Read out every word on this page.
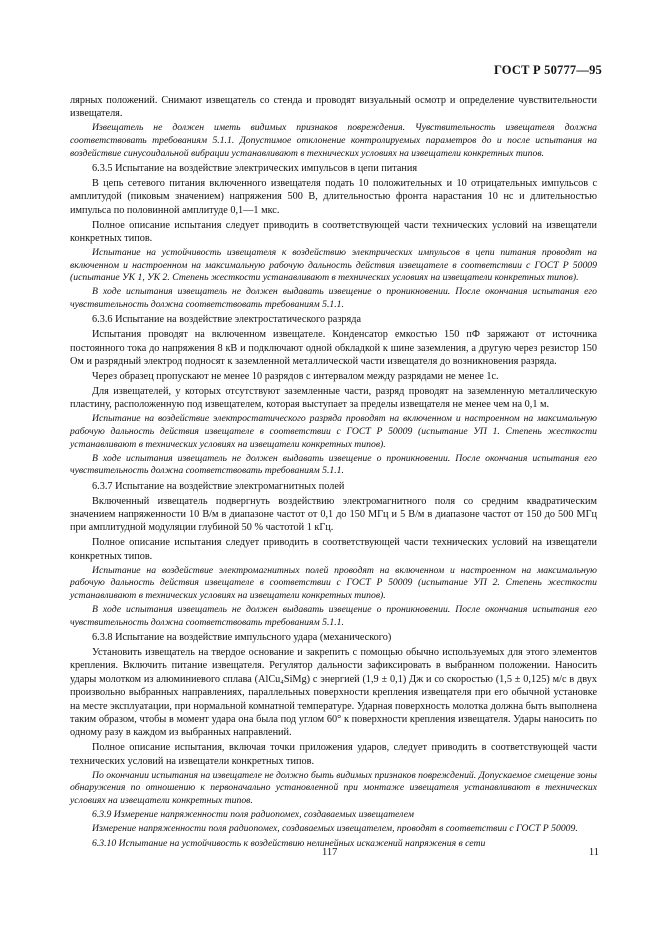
ГОСТ Р 50777—95

лярных положений. Снимают извещатель со стенда и проводят визуальный осмотр и определение чувствительности извещателя.

Извещатель не должен иметь видимых признаков повреждения. Чувствительность извещателя должна соответствовать требованиям 5.1.1. Допустимое отклонение контролируемых параметров до и после испытания на воздействие синусоидальной вибрации устанавливают в технических условиях на извещатели конкретных типов.

6.3.5 Испытание на воздействие электрических импульсов в цепи питания

В цепь сетевого питания включенного извещателя подать 10 положительных и 10 отрицательных импульсов с амплитудой (пиковым значением) напряжения 500 В, длительностью фронта нарастания 10 нс и длительностью импульса по половинной амплитуде 0,1—1 мкс.

Полное описание испытания следует приводить в соответствующей части технических условий на извещатели конкретных типов.

Испытание на устойчивость извещателя к воздействию электрических импульсов в цепи питания проводят на включенном и настроенном на максимальную рабочую дальность действия извещателе в соответствии с ГОСТ Р 50009 (испытание УК 1, УК 2. Степень жесткости устанавливают в технических условиях на извещатели конкретных типов).

В ходе испытания извещатель не должен выдавать извещение о проникновении. После окончания испытания его чувствительность должна соответствовать требованиям 5.1.1.

6.3.6 Испытание на воздействие электростатического разряда

Испытания проводят на включенном извещателе. Конденсатор емкостью 150 пФ заряжают от источника постоянного тока до напряжения 8 кВ и подключают одной обкладкой к шине заземления, а другую через резистор 150 Ом и разрядный электрод подносят к заземленной металлической части извещателя до возникновения разряда.

Через образец пропускают не менее 10 разрядов с интервалом между разрядами не менее 1с.

Для извещателей, у которых отсутствуют заземленные части, разряд проводят на заземленную металлическую пластину, расположенную под извещателем, которая выступает за пределы извещателя не менее чем на 0,1 м.

Испытание на воздействие электростатического разряда проводят на включенном и настроенном на максимальную рабочую дальность действия извещателе в соответствии с ГОСТ Р 50009 (испытание УП 1. Степень жесткости устанавливают в технических условиях на извещатели конкретных типов).

В ходе испытания извещатель не должен выдавать извещение о проникновении. После окончания испытания его чувствительность должна соответствовать требованиям 5.1.1.

6.3.7 Испытание на воздействие электромагнитных полей

Включенный извещатель подвергнуть воздействию электромагнитного поля со средним квадратическим значением напряженности 10 В/м в диапазоне частот от 0,1 до 150 МГц и 5 В/м в диапазоне частот от 150 до 500 МГц при амплитудной модуляции глубиной 50 % частотой 1 кГц.

Полное описание испытания следует приводить в соответствующей части технических условий на извещатели конкретных типов.

Испытание на воздействие электромагнитных полей проводят на включенном и настроенном на максимальную рабочую дальность действия извещателе в соответствии с ГОСТ Р 50009 (испытание УП 2. Степень жесткости устанавливают в технических условиях на извещатели конкретных типов).

В ходе испытания извещатель не должен выдавать извещение о проникновении. После окончания испытания его чувствительность должна соответствовать требованиям 5.1.1.

6.3.8 Испытание на воздействие импульсного удара (механического)

Установить извещатель на твердое основание и закрепить с помощью обычно используемых для этого элементов крепления. Включить питание извещателя. Регулятор дальности зафиксировать в выбранном положении. Наносить удары молотком из алюминиевого сплава (AlCu₄SiMg) с энергией (1,9 ± 0,1) Дж и со скоростью (1,5 ± 0,125) м/с в двух произвольно выбранных направлениях, параллельных поверхности крепления извещателя при его обычной установке на месте эксплуатации, при нормальной комнатной температуре. Ударная поверхность молотка должна быть выполнена таким образом, чтобы в момент удара она была под углом 60° к поверхности крепления извещателя. Удары наносить по одному разу в каждом из выбранных направлений.

Полное описание испытания, включая точки приложения ударов, следует приводить в соответствующей части технических условий на извещатели конкретных типов.

По окончании испытания на извещателе не должно быть видимых признаков повреждений. Допускаемое смещение зоны обнаружения по отношению к первоначально установленной при монтаже извещателя устанавливают в технических условиях на извещатели конкретных типов.

6.3.9 Измерение напряженности поля радиопомех, создаваемых извещателем

Измерение напряженности поля радиопомех, создаваемых извещателем, проводят в соответствии с ГОСТ Р 50009.

6.3.10 Испытание на устойчивость к воздействию нелинейных искажений напряжения в сети

117	11
